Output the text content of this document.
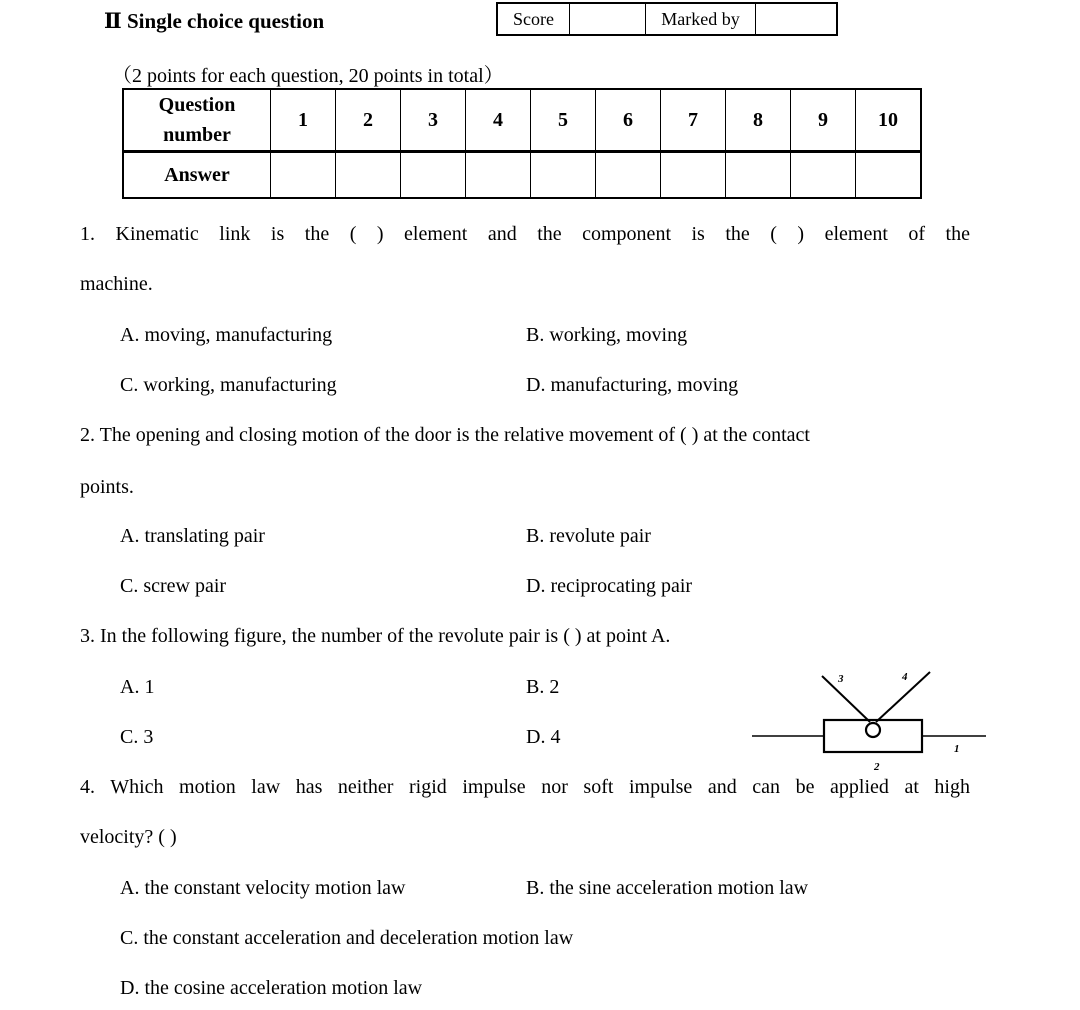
Ⅱ Single choice question	Score	Marked by
（2 points for each question, 20 points in total）
Question
number	1	2	3	4	5	6	7	8	9	10
Answer										
1. Kinematic link is the ( ) element and the component is the ( ) element of the
machine.
A. moving, manufacturing	B. working, moving
C. working, manufacturing	D. manufacturing, moving
2. The opening and closing motion of the door is the relative movement of ( ) at the contact
points.
A. translating pair	B. revolute pair
C. screw pair	D. reciprocating pair
3. In the following figure, the number of the revolute pair is ( ) at point A.
A. 1	B. 2
C. 3	D. 4
3	4
2
1
4. Which motion law has neither rigid impulse nor soft impulse and can be applied at high
velocity? ( )
A. the constant velocity motion law	B. the sine acceleration motion law
C. the constant acceleration and deceleration motion law
D. the cosine acceleration motion law
